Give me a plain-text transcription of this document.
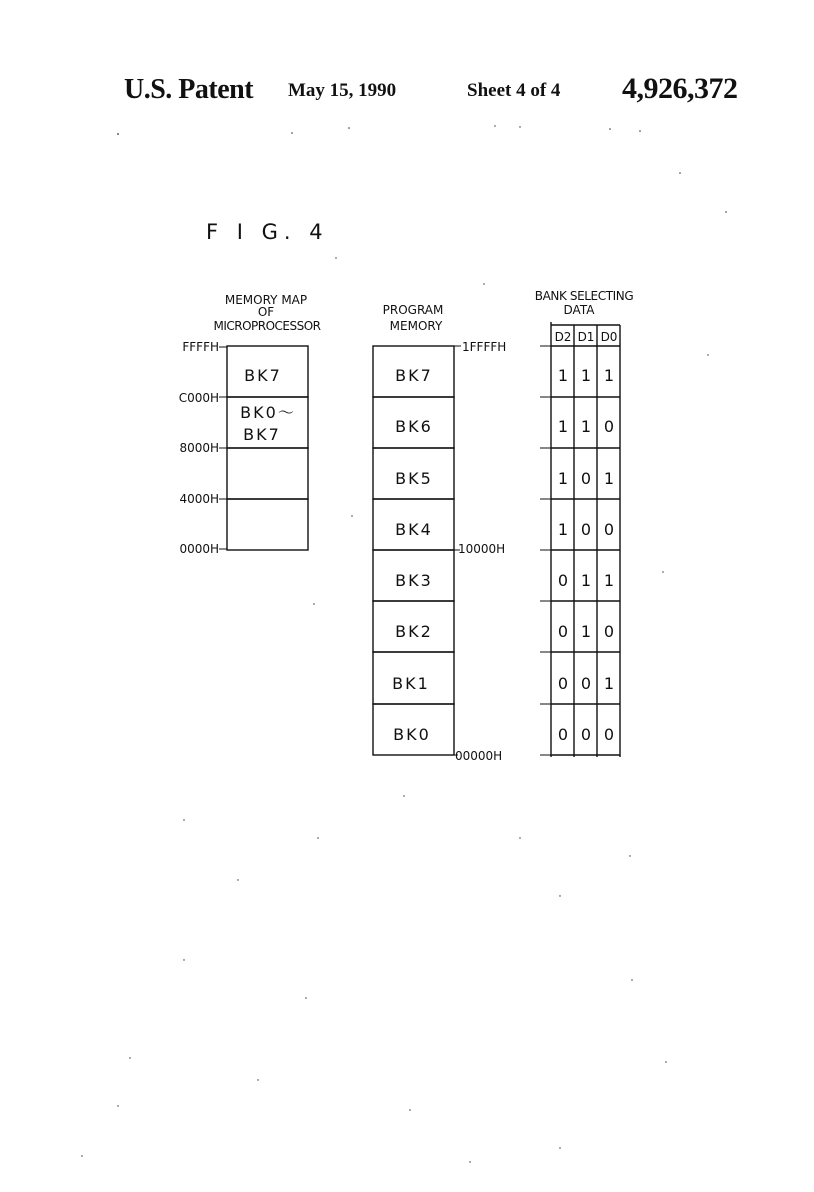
U.S. Patent May 15, 1990	Sheet 4 of 4 4,926,372
F I G. 4
MEMORY MAP
OF
MICROPROCESSOR
BK7
BK0～
BK7
FFFFH
C000H
8000H
4000H
0000H
PROGRAM
MEMORY
BK7
BK6
BK5
BK4
BK3
BK2
BK1
BK0
1FFFFH
10000H
00000H
BANK SELECTING
DATA
D2 D1 D0
1 1 1
1 1 0
1 0 1
1 0 0
0 1 1
0 1 0
0 0 1
0 0 0
